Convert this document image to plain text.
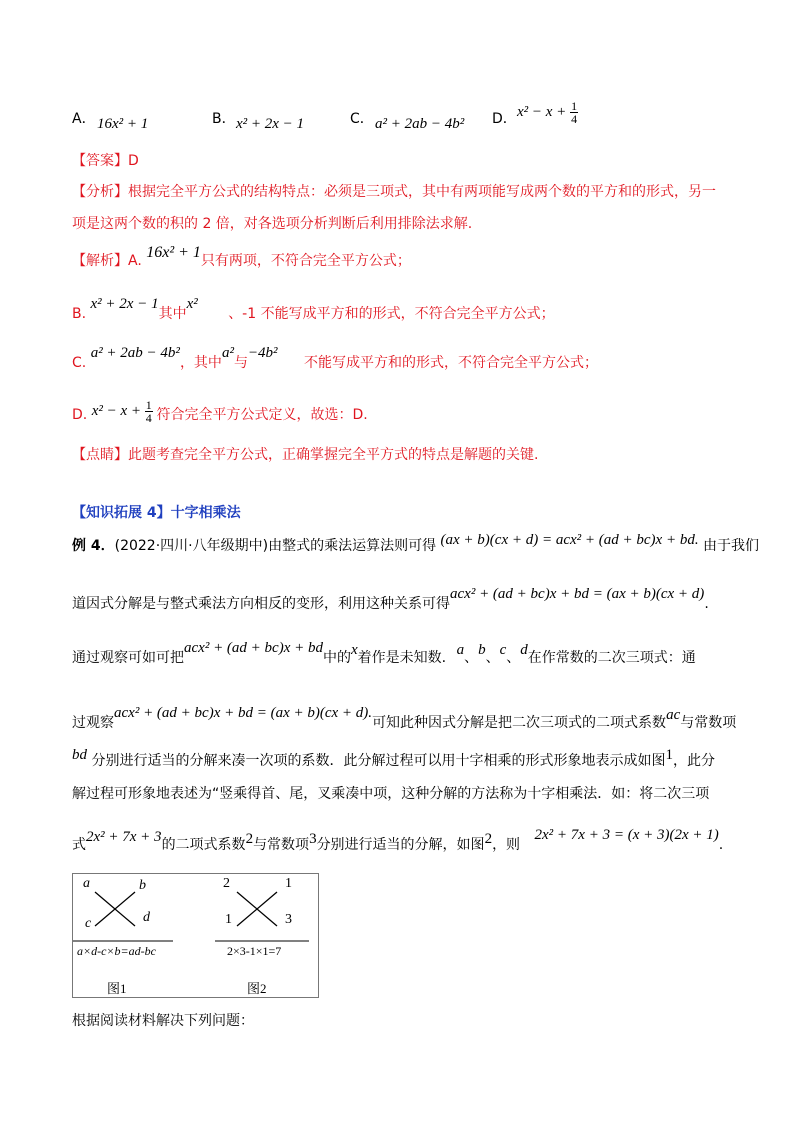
A． 16x² + 1	B． x² + 2x − 1	C． a² + 2ab − 4b² D． $x^2 - x + \frac{1}{4}$
【答案】D
【分析】根据完全平方公式的结构特点：必须是三项式，其中有两项能写成两个数的平方和的形式，另一
项是这两个数的积的 2 倍，对各选项分析判断后利用排除法求解.
【解析】A. 16x² + 1只有两项，不符合完全平方公式；
B. x² + 2x − 1其中x² 、-1 不能写成平方和的形式，不符合完全平方公式；
C. a² + 2ab − 4b²，其中a²与−4b² 不能写成平方和的形式，不符合完全平方公式；
D. $x^2 - x + \frac{1}{4}$ 符合完全平方公式定义，故选：D.
【点睛】此题考查完全平方公式，正确掌握完全平方式的特点是解题的关键.
【知识拓展 4】十字相乘法
例 4．(2022·四川·八年级期中)由整式的乘法运算法则可得 (ax + b)(cx + d) = acx² + (ad + bc)x + bd. 由于我们
道因式分解是与整式乘法方向相反的变形，利用这种关系可得acx² + (ad + bc)x + bd = (ax + b)(cx + d).
通过观察可如可把acx² + (ad + bc)x + bd中的x着作是未知数. a、b、c、d在作常数的二次三项式：通
过观察acx² + (ad + bc)x + bd = (ax + b)(cx + d).可知此种因式分解是把二次三项式的二项式系数ac与常数项
bd 分别进行适当的分解来凑一次项的系数．此分解过程可以用十字相乘的形式形象地表示成如图1，此分
解过程可形象地表述为“竖乘得首、尾，叉乘凑中项，这种分解的方法称为十字相乘法．如：将二次三项
式2x² + 7x + 3的二项式系数2与常数项3分别进行适当的分解，如图2，则 2x² + 7x + 3 = (x + 3)(2x + 1).
a	b
c	d
a×d-c×b=ad-bc
图1
2	1
1	3
2×3-1×1=7
图2
根据阅读材料解决下列问题：
